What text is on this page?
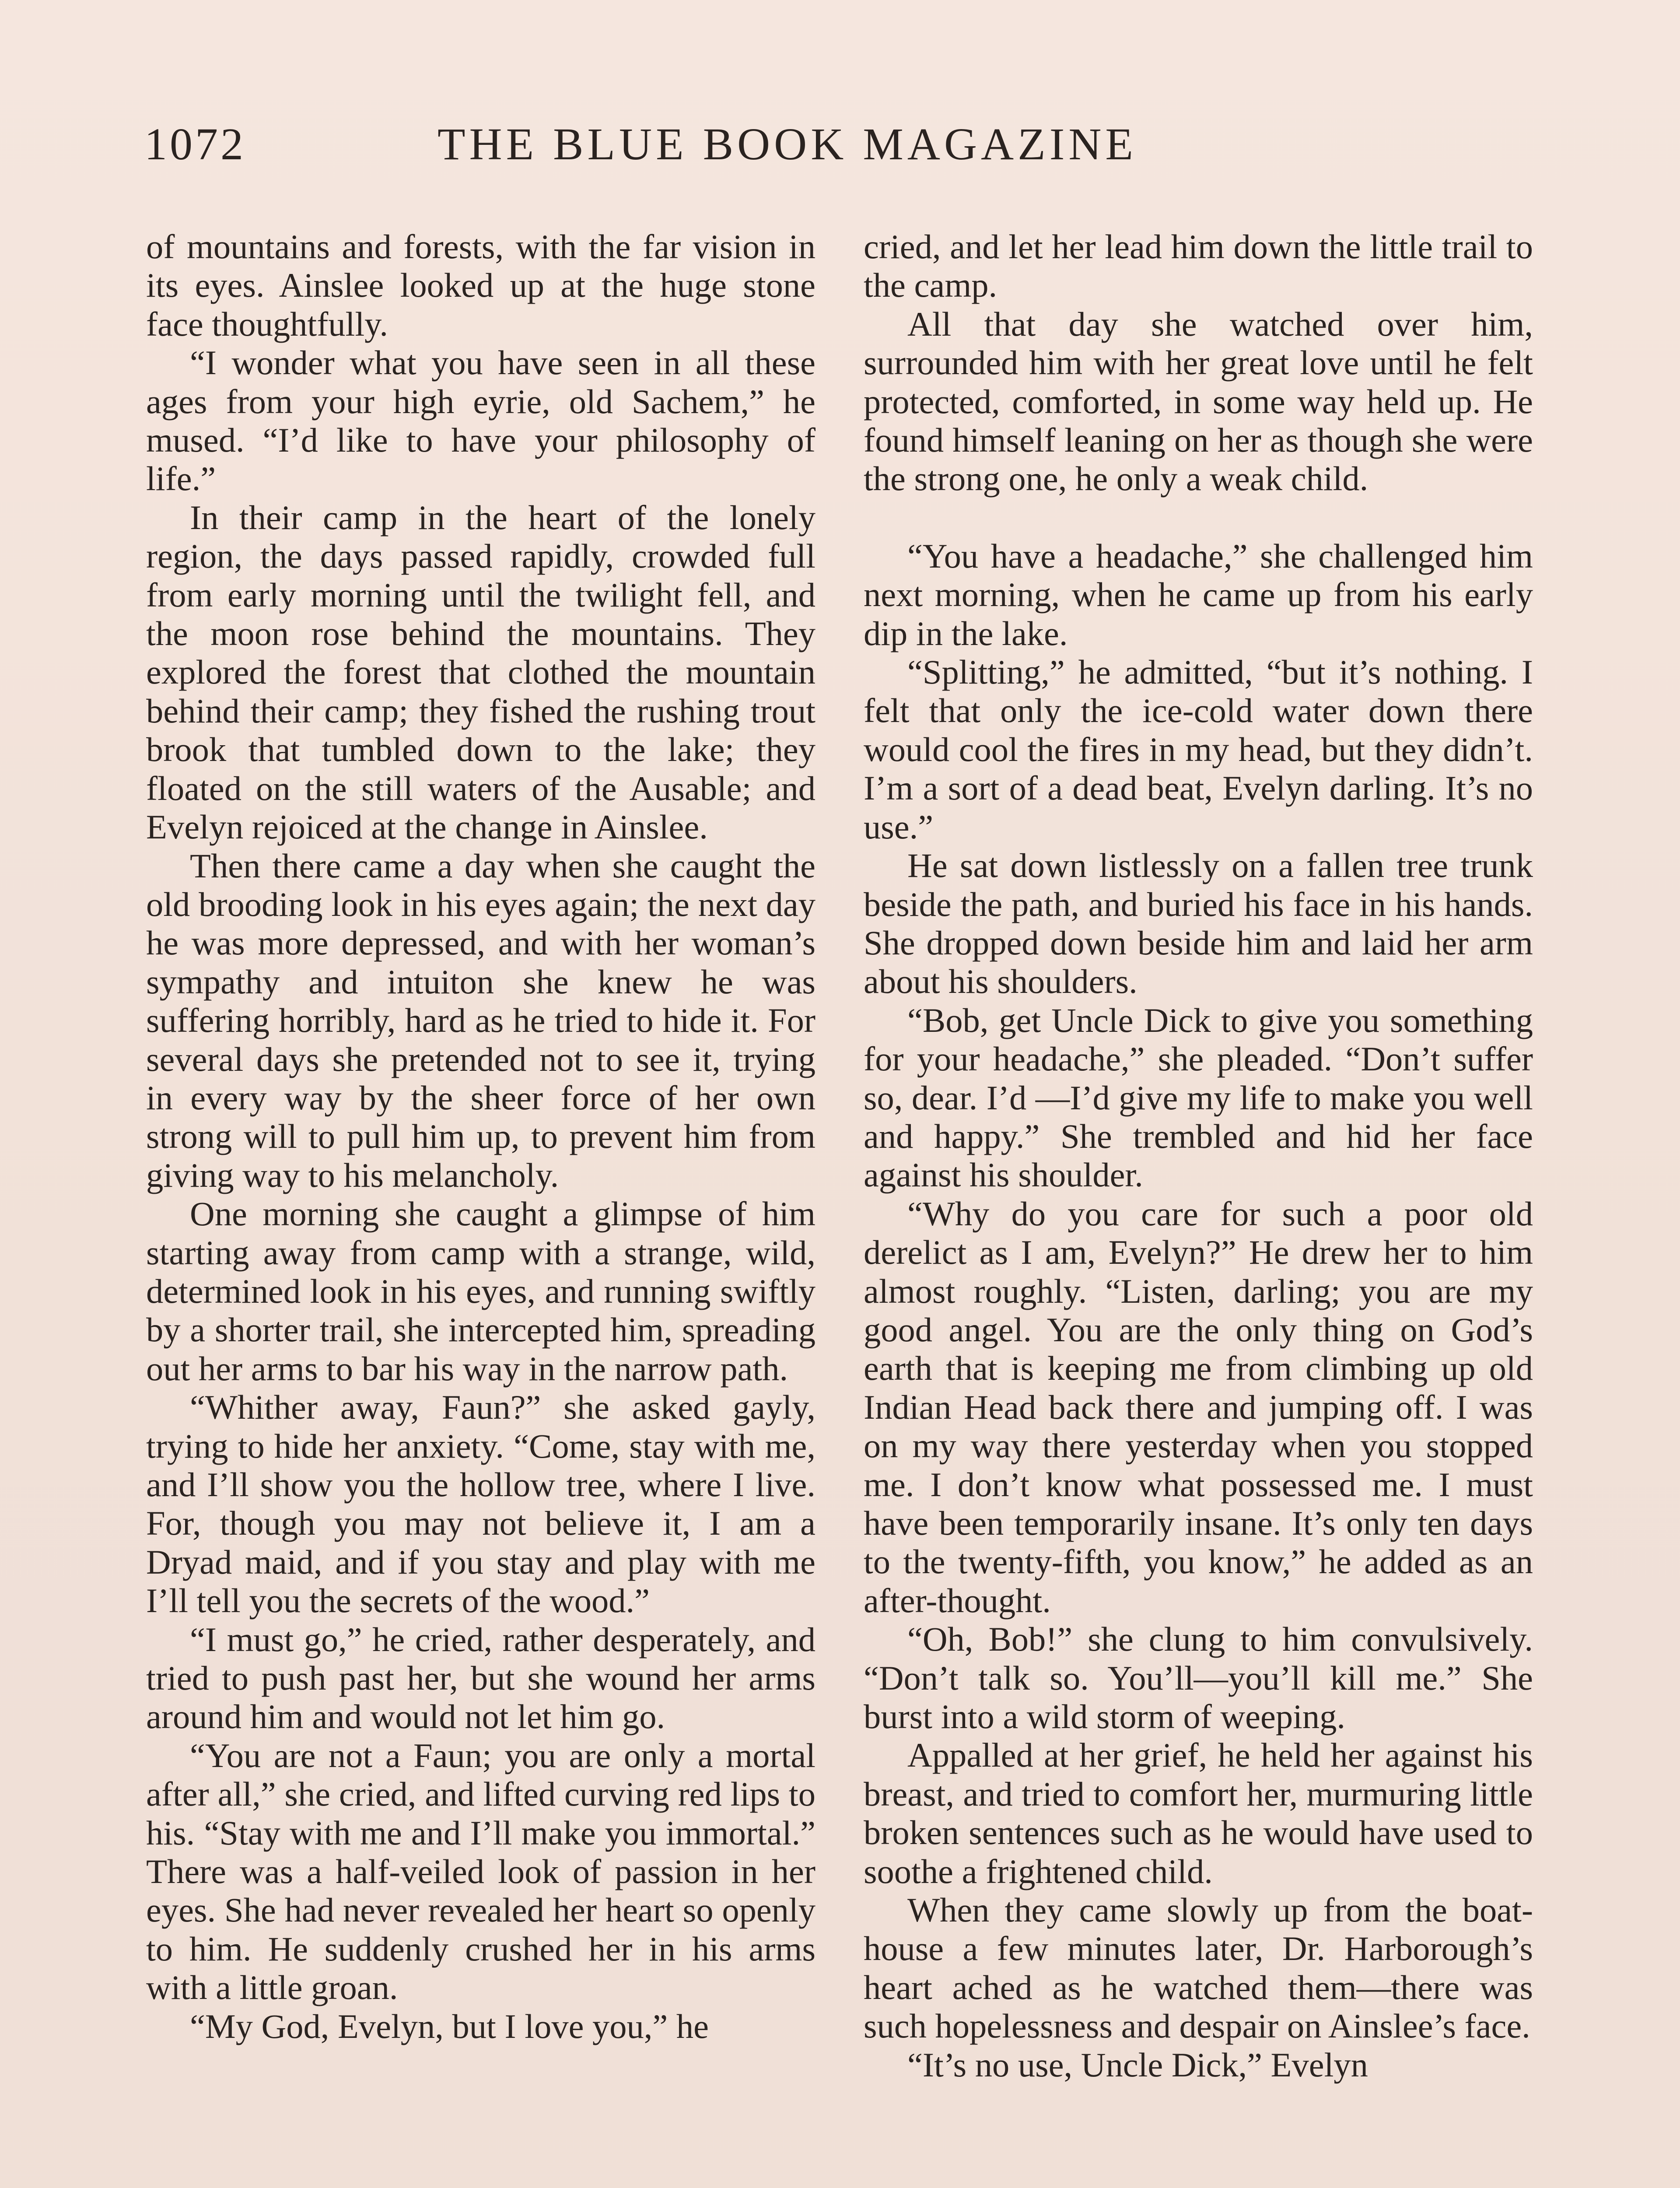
1072	THE BLUE BOOK MAGAZINE

of mountains and forests, with the far vision in its eyes. Ainslee looked up at the huge stone face thoughtfully.

“I wonder what you have seen in all these ages from your high eyrie, old Sachem,” he mused. “I’d like to have your philosophy of life.”

In their camp in the heart of the lonely region, the days passed rapidly, crowded full from early morning until the twilight fell, and the moon rose behind the mountains. They explored the forest that clothed the mountain behind their camp; they fished the rushing trout brook that tumbled down to the lake; they floated on the still waters of the Ausable; and Evelyn rejoiced at the change in Ainslee.

Then there came a day when she caught the old brooding look in his eyes again; the next day he was more depressed, and with her woman’s sympathy and intuiton she knew he was suffering horribly, hard as he tried to hide it. For several days she pretended not to see it, trying in every way by the sheer force of her own strong will to pull him up, to prevent him from giving way to his melancholy.

One morning she caught a glimpse of him starting away from camp with a strange, wild, determined look in his eyes, and running swiftly by a shorter trail, she intercepted him, spreading out her arms to bar his way in the narrow path.

“Whither away, Faun?” she asked gayly, trying to hide her anxiety. “Come, stay with me, and I’ll show you the hollow tree, where I live. For, though you may not believe it, I am a Dryad maid, and if you stay and play with me I’ll tell you the secrets of the wood.”

“I must go,” he cried, rather desperately, and tried to push past her, but she wound her arms around him and would not let him go.

“You are not a Faun; you are only a mortal after all,” she cried, and lifted curving red lips to his. “Stay with me and I’ll make you immortal.” There was a half-veiled look of passion in her eyes. She had never revealed her heart so openly to him. He suddenly crushed her in his arms with a little groan.

“My God, Evelyn, but I love you,” he

cried, and let her lead him down the little trail to the camp.

All that day she watched over him, surrounded him with her great love until he felt protected, comforted, in some way held up. He found himself leaning on her as though she were the strong one, he only a weak child.

“You have a headache,” she challenged him next morning, when he came up from his early dip in the lake.

“Splitting,” he admitted, “but it’s nothing. I felt that only the ice-cold water down there would cool the fires in my head, but they didn’t. I’m a sort of a dead beat, Evelyn darling. It’s no use.”

He sat down listlessly on a fallen tree trunk beside the path, and buried his face in his hands. She dropped down beside him and laid her arm about his shoulders.

“Bob, get Uncle Dick to give you something for your headache,” she pleaded. “Don’t suffer so, dear. I’d —I’d give my life to make you well and happy.” She trembled and hid her face against his shoulder.

“Why do you care for such a poor old derelict as I am, Evelyn?” He drew her to him almost roughly. “Listen, darling; you are my good angel. You are the only thing on God’s earth that is keeping me from climbing up old Indian Head back there and jumping off. I was on my way there yesterday when you stopped me. I don’t know what possessed me. I must have been temporarily insane. It’s only ten days to the twenty-fifth, you know,” he added as an after-thought.

“Oh, Bob!” she clung to him convulsively. “Don’t talk so. You’ll—you’ll kill me.” She burst into a wild storm of weeping.

Appalled at her grief, he held her against his breast, and tried to comfort her, murmuring little broken sentences such as he would have used to soothe a frightened child.

When they came slowly up from the boat-house a few minutes later, Dr. Harborough’s heart ached as he watched them—there was such hopelessness and despair on Ainslee’s face.

“It’s no use, Uncle Dick,” Evelyn
